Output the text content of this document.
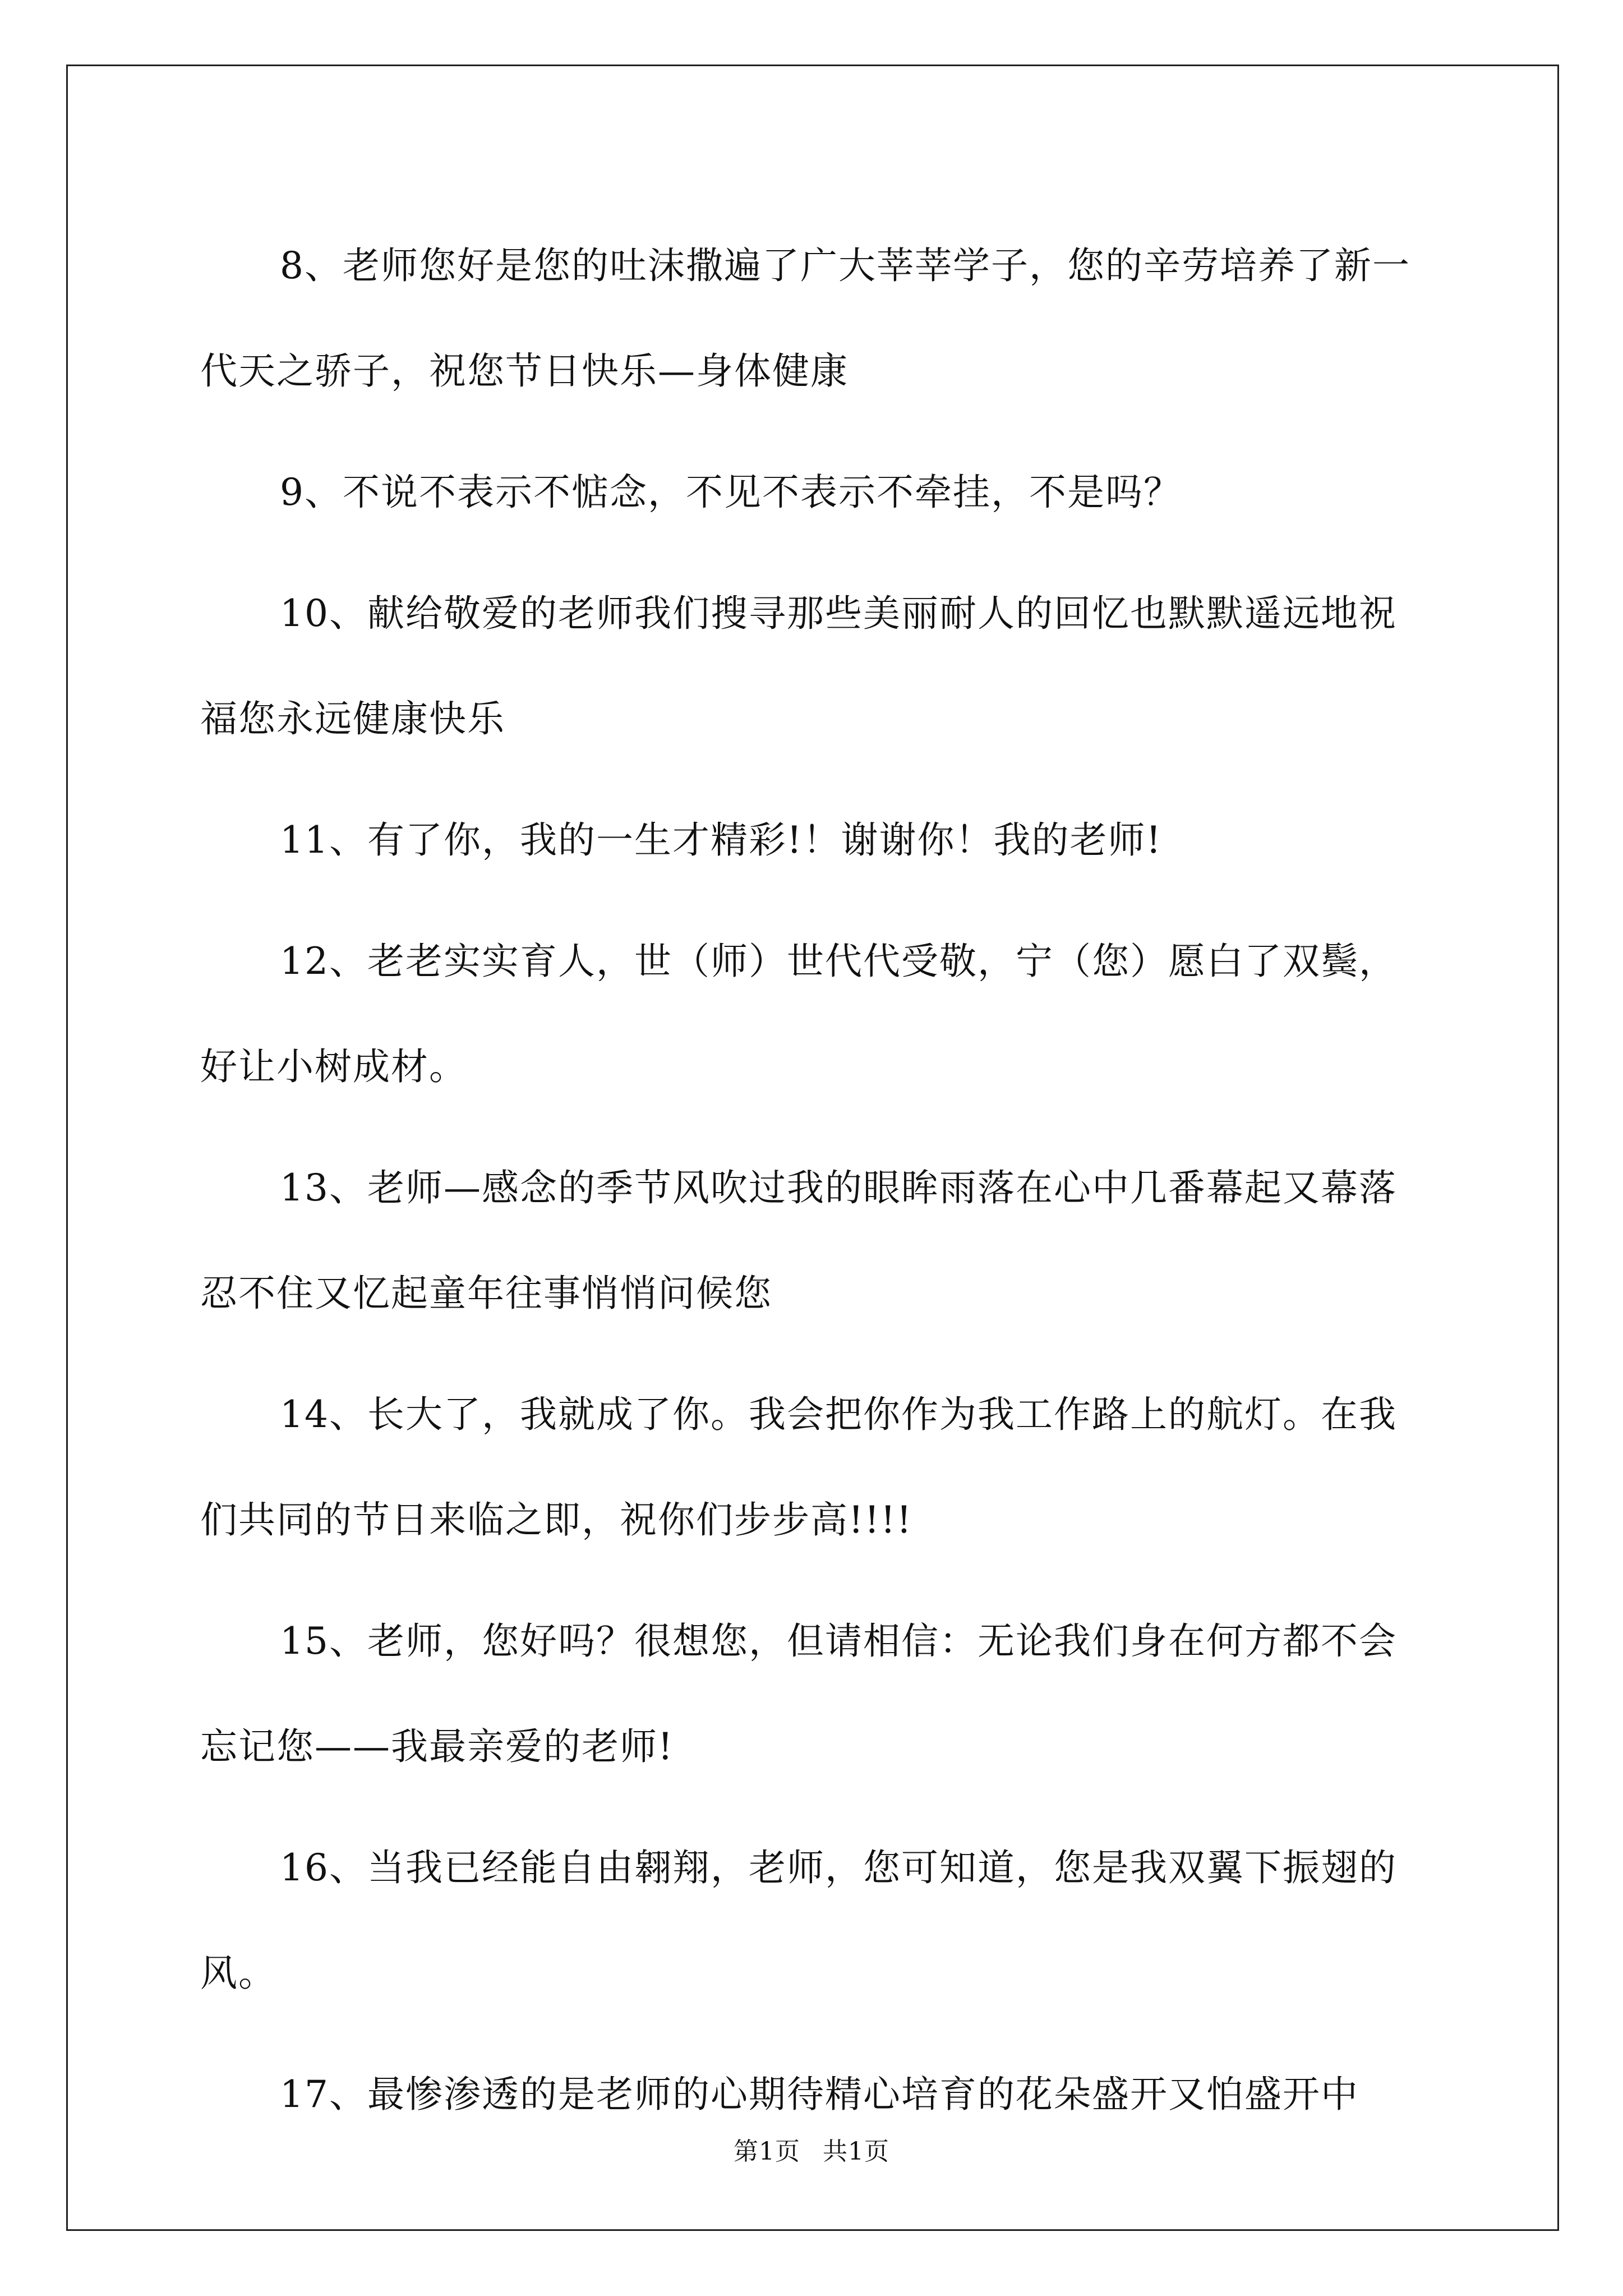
8、老师您好是您的吐沫撒遍了广大莘莘学子，您的辛劳培养了新一代天之骄子，祝您节日快乐—身体健康

9、不说不表示不惦念，不见不表示不牵挂，不是吗？

10、献给敬爱的老师我们搜寻那些美丽耐人的回忆也默默遥远地祝福您永远健康快乐

11、有了你，我的一生才精彩!！谢谢你！我的老师!

12、老老实实育人，世（师）世代代受敬，宁（您）愿白了双鬓，好让小树成材。

13、老师—感念的季节风吹过我的眼眸雨落在心中几番幕起又幕落忍不住又忆起童年往事悄悄问候您

14、长大了，我就成了你。我会把你作为我工作路上的航灯。在我们共同的节日来临之即，祝你们步步高!!!!

15、老师，您好吗？很想您，但请相信：无论我们身在何方都不会忘记您——我最亲爱的老师!

16、当我已经能自由翱翔，老师，您可知道，您是我双翼下振翅的风。

17、最惨渗透的是老师的心期待精心培育的花朵盛开又怕盛开中

第1页 共1页
